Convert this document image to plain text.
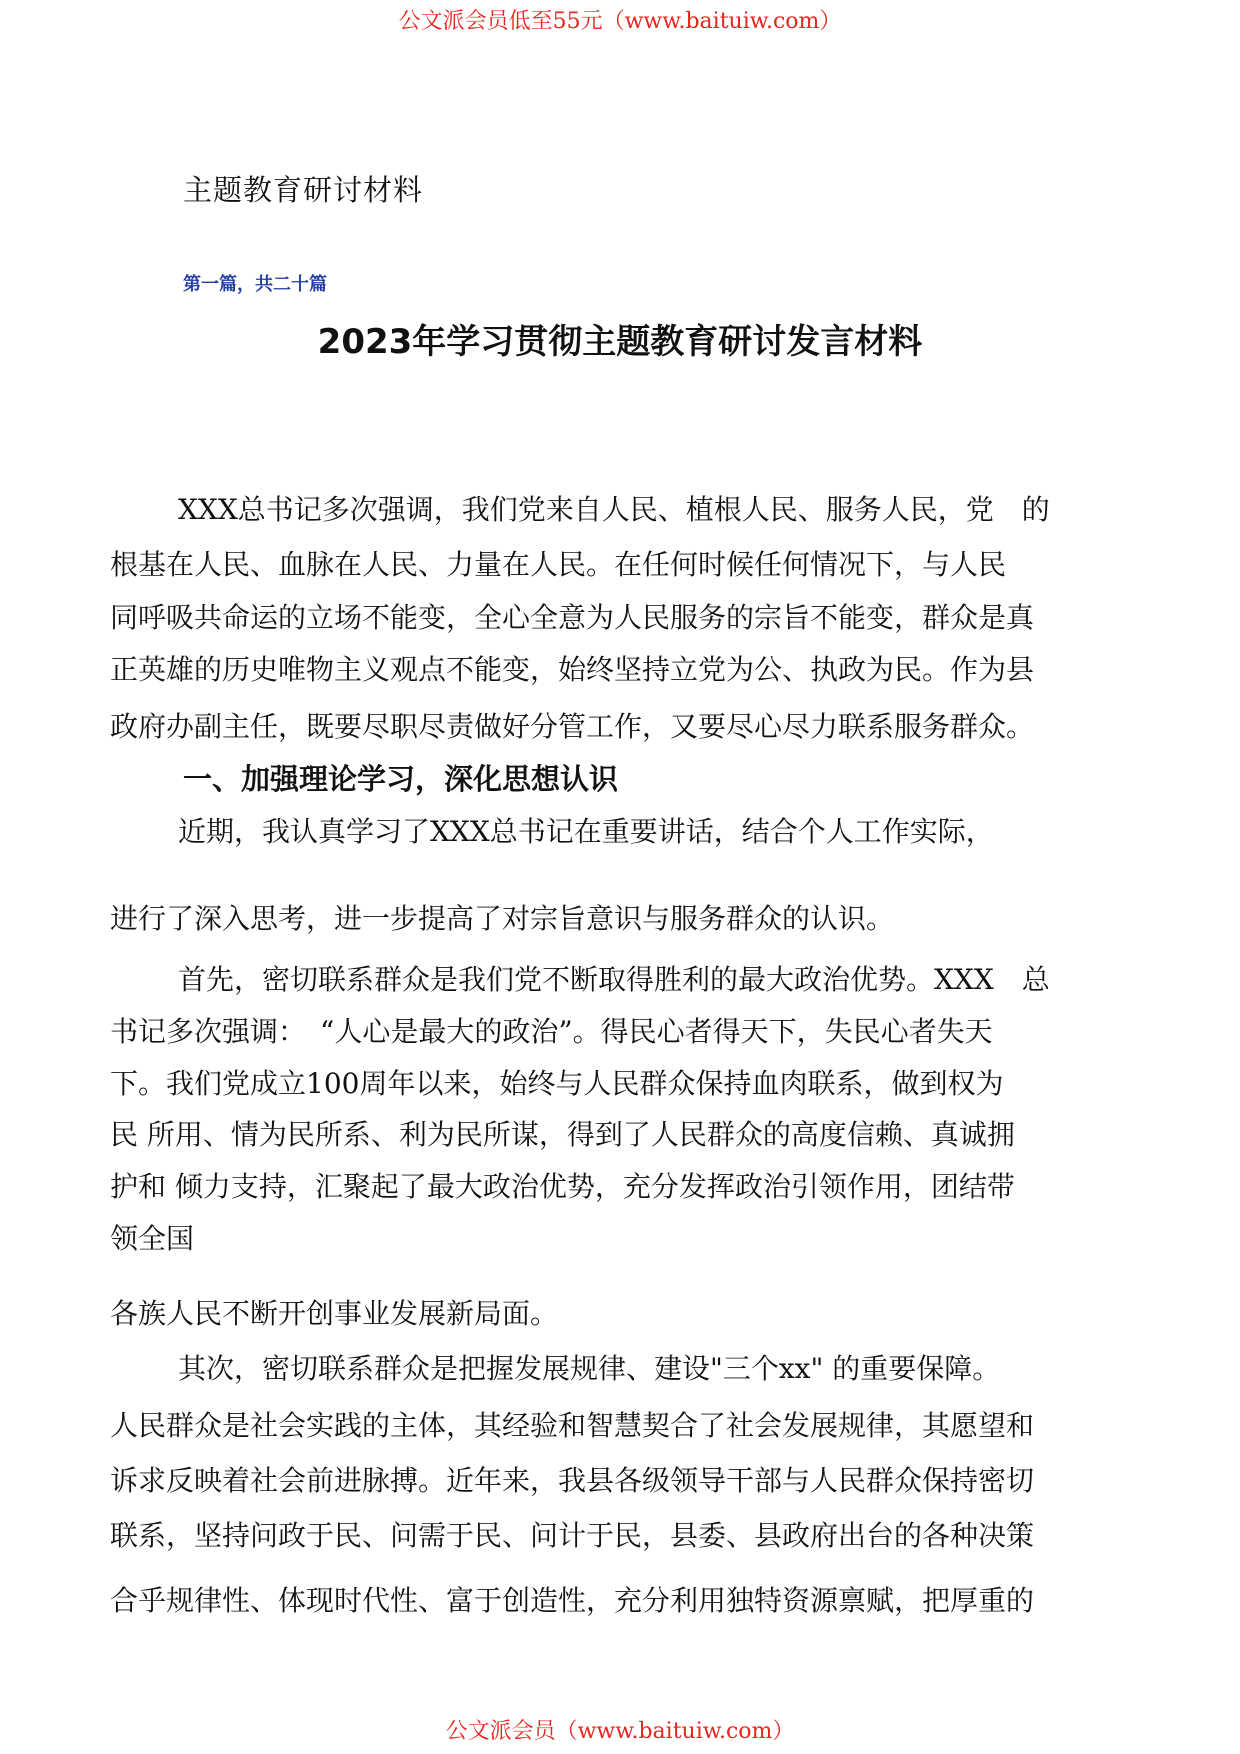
公文派会员低至55元（www.baituiw.com）
主题教育研讨材料
第一篇，共二十篇
2023年学习贯彻主题教育研讨发言材料
XXX总书记多次强调，我们党来自人民、植根人民、服务人民，党　的
根基在人民、血脉在人民、力量在人民。在任何时候任何情况下，与人民
同呼吸共命运的立场不能变，全心全意为人民服务的宗旨不能变，群众是真
正英雄的历史唯物主义观点不能变，始终坚持立党为公、执政为民。作为县
政府办副主任，既要尽职尽责做好分管工作，又要尽心尽力联系服务群众。
一、加强理论学习，深化思想认识
近期，我认真学习了XXX总书记在重要讲话，结合个人工作实际，
进行了深入思考，进一步提高了对宗旨意识与服务群众的认识。
首先，密切联系群众是我们党不断取得胜利的最大政治优势。XXX　总
书记多次强调：　“人心是最大的政治”。得民心者得天下，失民心者失天
下。我们党成立100周年以来，始终与人民群众保持血肉联系，做到权为
民 所用、情为民所系、利为民所谋，得到了人民群众的高度信赖、真诚拥
护和 倾力支持，汇聚起了最大政治优势，充分发挥政治引领作用，团结带
领全国
各族人民不断开创事业发展新局面。
其次，密切联系群众是把握发展规律、建设"三个xx" 的重要保障。
人民群众是社会实践的主体，其经验和智慧契合了社会发展规律，其愿望和
诉求反映着社会前进脉搏。近年来，我县各级领导干部与人民群众保持密切
联系，坚持问政于民、问需于民、问计于民，县委、县政府出台的各种决策
合乎规律性、体现时代性、富于创造性，充分利用独特资源禀赋，把厚重的
公文派会员（www.baituiw.com）
